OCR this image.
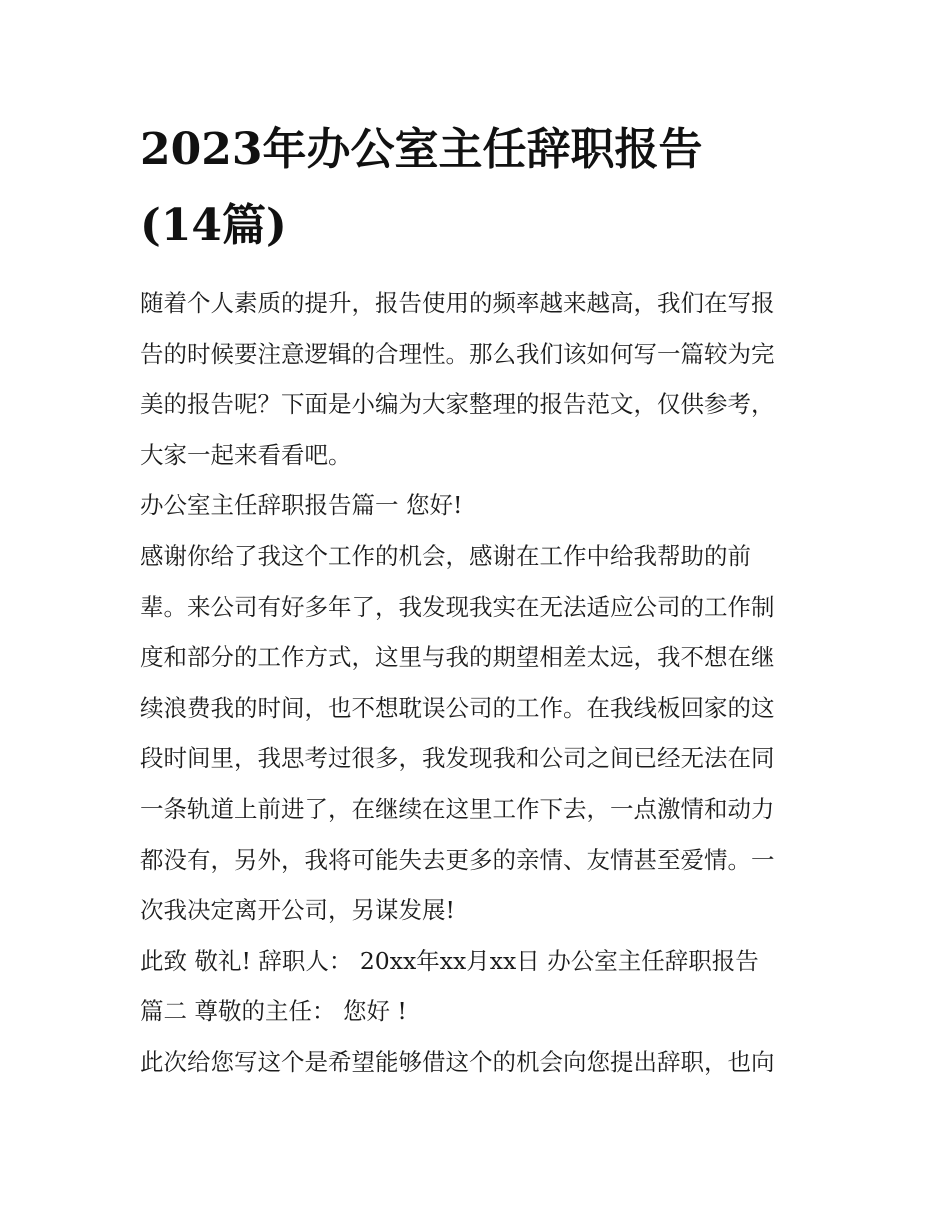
2023年办公室主任辞职报告
(14篇)
随着个人素质的提升，报告使用的频率越来越高，我们在写报
告的时候要注意逻辑的合理性。那么我们该如何写一篇较为完
美的报告呢？下面是小编为大家整理的报告范文，仅供参考，
大家一起来看看吧。
办公室主任辞职报告篇一 您好!
感谢你给了我这个工作的机会，感谢在工作中给我帮助的前
辈。来公司有好多年了，我发现我实在无法适应公司的工作制
度和部分的工作方式，这里与我的期望相差太远，我不想在继
续浪费我的时间，也不想耽误公司的工作。在我线板回家的这
段时间里，我思考过很多，我发现我和公司之间已经无法在同
一条轨道上前进了，在继续在这里工作下去，一点激情和动力
都没有，另外，我将可能失去更多的亲情、友情甚至爱情。一
次我决定离开公司，另谋发展!
此致 敬礼! 辞职人： 20xx年xx月xx日 办公室主任辞职报告
篇二 尊敬的主任： 您好 !
此次给您写这个是希望能够借这个的机会向您提出辞职，也向
